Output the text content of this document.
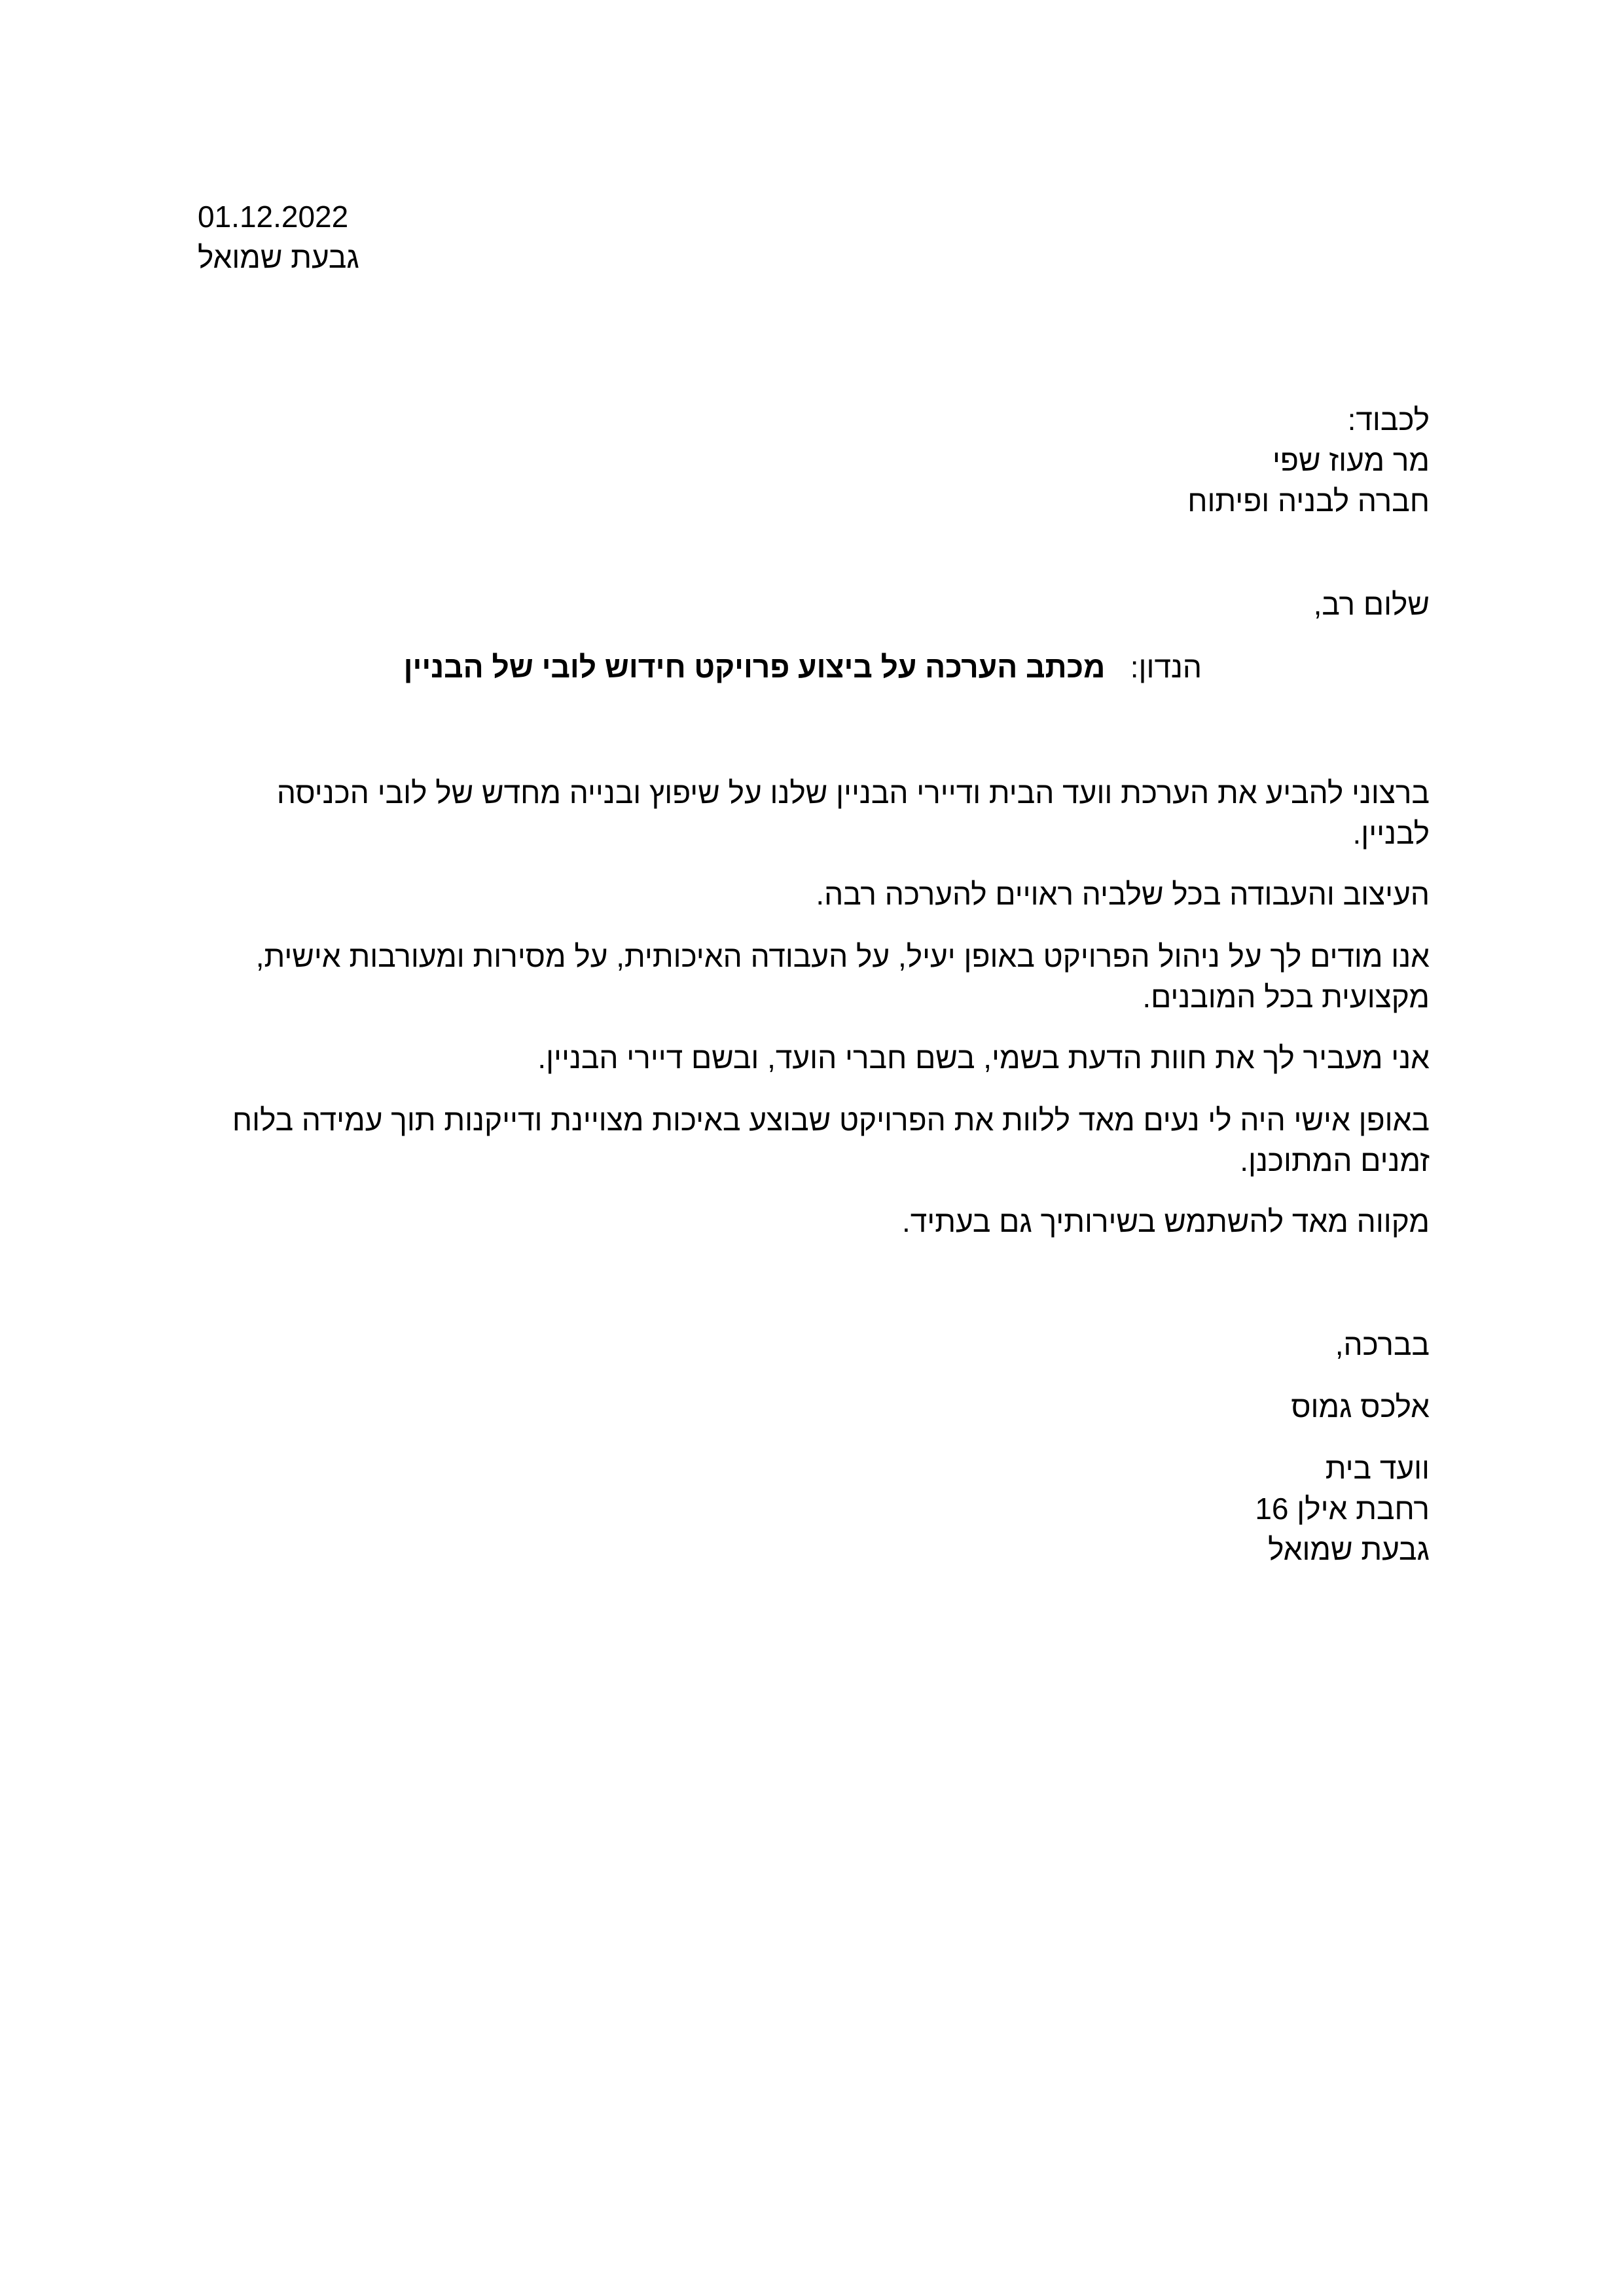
01.12.2022
גבעת שמואל
לכבוד:
מר מעוז שפי
חברה לבניה ופיתוח
שלום רב,
הנדון:   מכתב הערכה על ביצוע פרויקט חידוש לובי של הבניין
ברצוני להביע את הערכת וועד הבית ודיירי הבניין שלנו על שיפוץ ובנייה מחדש של לובי הכניסה
לבניין.
העיצוב והעבודה בכל שלביה ראויים להערכה רבה.
אנו מודים לך על ניהול הפרויקט באופן יעיל, על העבודה האיכותית, על מסירות ומעורבות אישית,
מקצועית בכל המובנים.
אני מעביר לך את חוות הדעת בשמי, בשם חברי הועד, ובשם דיירי הבניין.
באופן אישי היה לי נעים מאד ללוות את הפרויקט שבוצע באיכות מצויינת ודייקנות תוך עמידה בלוח
זמנים המתוכנן.
מקווה מאד להשתמש בשירותיך גם בעתיד.
בברכה,
אלכס גמוס
וועד בית
רחבת אילן 16
גבעת שמואל
